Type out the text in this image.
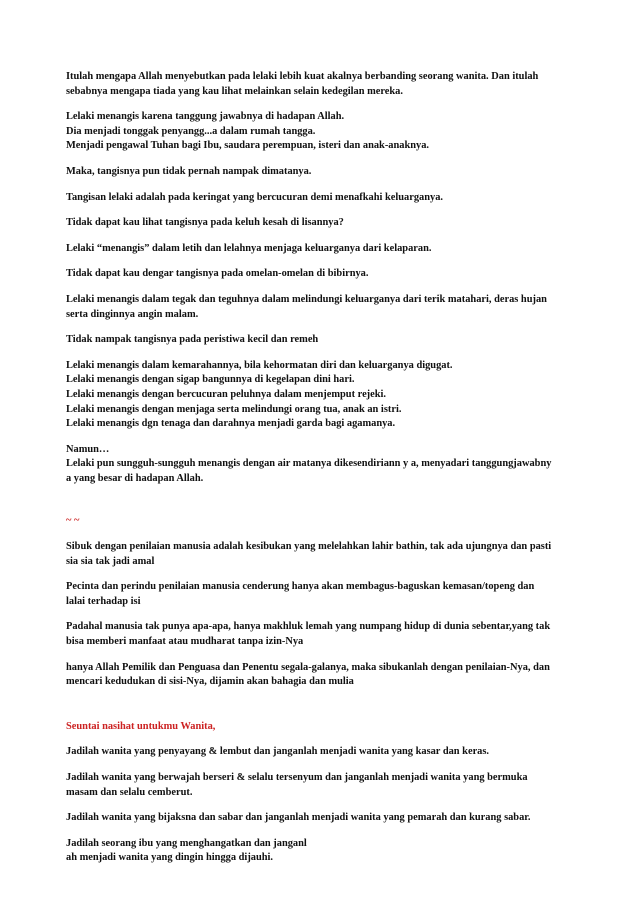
Itulah mengapa Allah menyebutkan pada lelaki lebih kuat akalnya berbanding seorang wanita. Dan itulah
sebabnya mengapa tiada yang kau lihat melainkan selain kedegilan mereka.
Lelaki menangis karena tanggung jawabnya di hadapan Allah.
Dia menjadi tonggak penyangg...a dalam rumah tangga.
Menjadi pengawal Tuhan bagi Ibu, saudara perempuan, isteri dan anak-anaknya.
Maka, tangisnya pun tidak pernah nampak dimatanya.
Tangisan lelaki adalah pada keringat yang bercucuran demi menafkahi keluarganya.
Tidak dapat kau lihat tangisnya pada keluh kesah di lisannya?
Lelaki “menangis” dalam letih dan lelahnya menjaga keluarganya dari kelaparan.
Tidak dapat kau dengar tangisnya pada omelan-omelan di bibirnya.
Lelaki menangis dalam tegak dan teguhnya dalam melindungi keluarganya dari terik matahari, deras hujan
serta dinginnya angin malam.
Tidak nampak tangisnya pada peristiwa kecil dan remeh
Lelaki menangis dalam kemarahannya, bila kehormatan diri dan keluarganya digugat.
Lelaki menangis dengan sigap bangunnya di kegelapan dini hari.
Lelaki menangis dengan bercucuran peluhnya dalam menjemput rejeki.
Lelaki menangis dengan menjaga serta melindungi orang tua, anak an istri.
Lelaki menangis dgn tenaga dan darahnya menjadi garda bagi agamanya.
Namun…
Lelaki pun sungguh-sungguh menangis dengan air matanya dikesendiriann y a, menyadari tanggungjawabny
a yang besar di hadapan Allah.
~ ~
Sibuk dengan penilaian manusia adalah kesibukan yang melelahkan lahir bathin, tak ada ujungnya dan pasti
sia sia tak jadi amal
Pecinta dan perindu penilaian manusia cenderung hanya akan membagus-baguskan kemasan/topeng dan
lalai terhadap isi
Padahal manusia tak punya apa-apa, hanya makhluk lemah yang numpang hidup di dunia sebentar,yang tak
bisa memberi manfaat atau mudharat tanpa izin-Nya
hanya Allah Pemilik dan Penguasa dan Penentu segala-galanya, maka sibukanlah dengan penilaian-Nya, dan
mencari kedudukan di sisi-Nya, dijamin akan bahagia dan mulia
Seuntai nasihat untukmu Wanita,
Jadilah wanita yang penyayang & lembut dan janganlah menjadi wanita yang kasar dan keras.
Jadilah wanita yang berwajah berseri & selalu tersenyum dan janganlah menjadi wanita yang bermuka
masam dan selalu cemberut.
Jadilah wanita yang bijaksna dan sabar dan janganlah menjadi wanita yang pemarah dan kurang sabar.
Jadilah seorang ibu yang menghangatkan dan janganl
ah menjadi wanita yang dingin hingga dijauhi.
